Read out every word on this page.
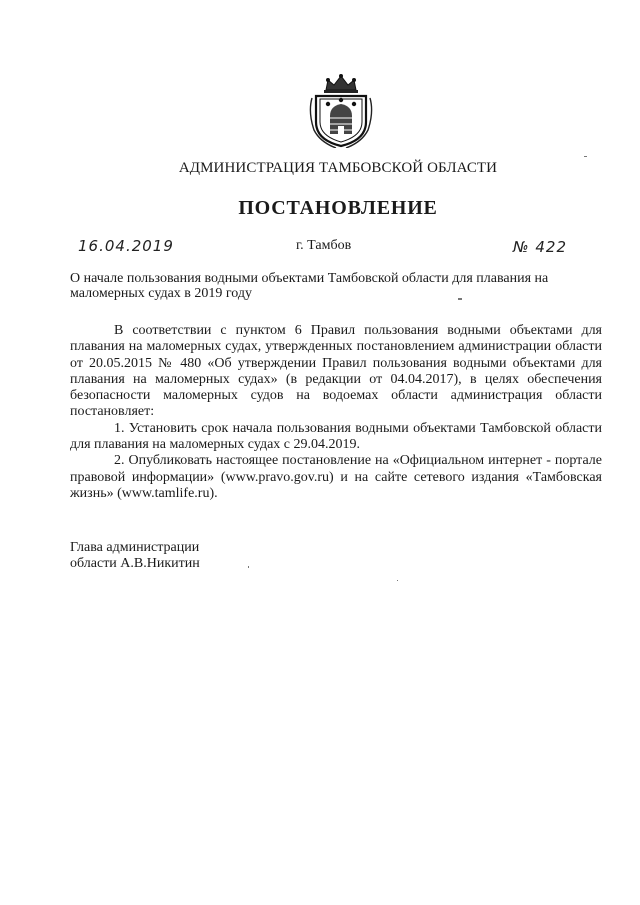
АДМИНИСТРАЦИЯ ТАМБОВСКОЙ ОБЛАСТИ
ПОСТАНОВЛЕНИЕ
16.04.2019	г. Тамбов	№ 422
О начале пользования водными объектами Тамбовской области для плавания на маломерных судах в 2019 году

В соответствии с пунктом 6 Правил пользования водными объектами для плавания на маломерных судах, утвержденных постановлением администрации области от 20.05.2015 № 480 «Об утверждении Правил пользования водными объектами для плавания на маломерных судах» (в редакции от 04.04.2017), в целях обеспечения безопасности маломерных судов на водоемах области администрация области постановляет:

1. Установить срок начала пользования водными объектами Тамбовской области для плавания на маломерных судах с 29.04.2019.

2. Опубликовать настоящее постановление на «Официальном интернет - портале правовой информации» (www.pravo.gov.ru) и на сайте сетевого издания «Тамбовская жизнь» (www.tamlife.ru).

Глава администрации
области А.В.Никитин
